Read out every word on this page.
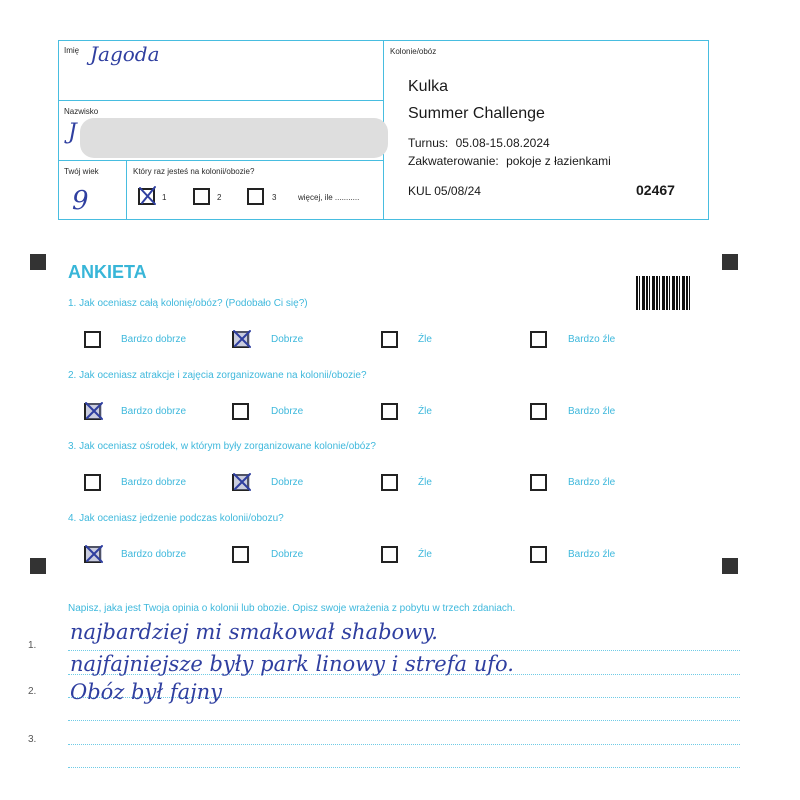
Imię Jagoda
Nazwisko
J
Twój wiek
9
Który raz jesteś na kolonii/obozie?
1	2	3	więcej, ile ...........
Kolonie/obóz
Kulka
Summer Challenge
Turnus: 05.08-15.08.2024
Zakwaterowanie: pokoje z łazienkami
KUL 05/08/24	02467
ANKIETA
1. Jak oceniasz całą kolonię/obóz? (Podobało Ci się?)
2. Jak oceniasz atrakcje i zajęcia zorganizowane na kolonii/obozie?
3. Jak oceniasz ośrodek, w którym były zorganizowane kolonie/obóz?
4. Jak oceniasz jedzenie podczas kolonii/obozu?
Bardzo dobrze	Dobrze	Źle	Bardzo źle
Bardzo dobrze	Dobrze	Źle	Bardzo źle
Bardzo dobrze	Dobrze	Źle	Bardzo źle
Bardzo dobrze	Dobrze	Źle	Bardzo źle
Napisz, jaka jest Twoja opinia o kolonii lub obozie. Opisz swoje wrażenia z pobytu w trzech zdaniach.
1.
2.
3.
najbardziej mi smakował shabowy.
najfajniejsze były park linowy i strefa ufo.
Obóz był fajny
